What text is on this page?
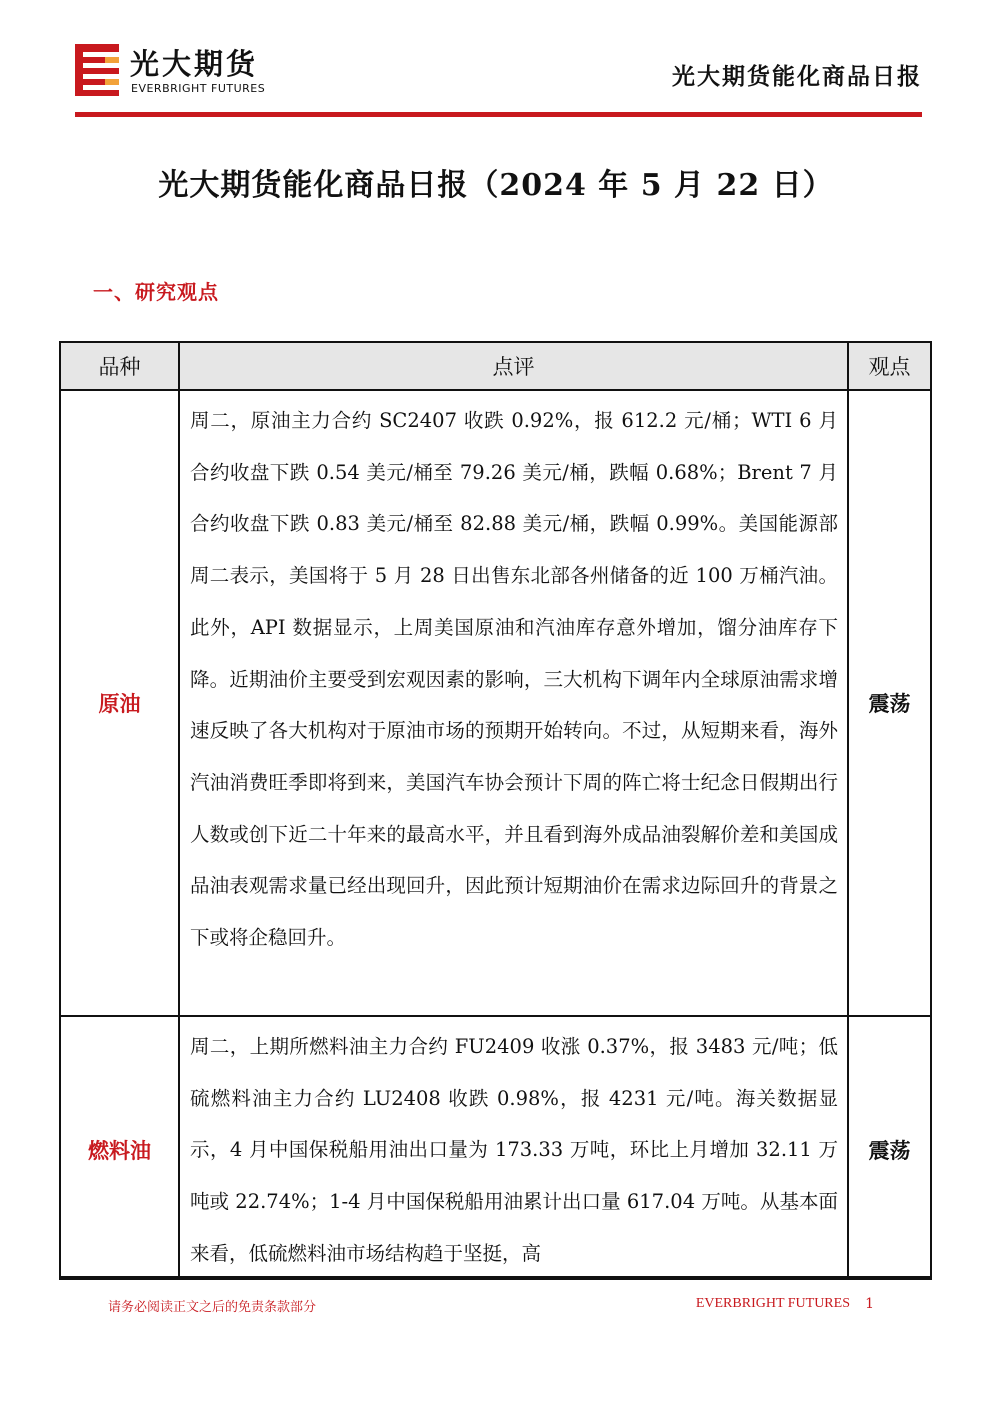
光大期货
EVERBRIGHT FUTURES	光大期货能化商品日报
光大期货能化商品日报（2024 年 5 月 22 日）
一、研究观点
品种	点评	观点
原油	周二，原油主力合约 SC2407 收跌 0.92%，报 612.2 元/桶；WTI 6 月合约收盘下跌 0.54 美元/桶至 79.26 美元/桶，跌幅 0.68%；Brent 7 月合约收盘下跌 0.83 美元/桶至 82.88 美元/桶，跌幅 0.99%。美国能源部周二表示，美国将于 5 月 28 日出售东北部各州储备的近 100 万桶汽油。此外，API 数据显示，上周美国原油和汽油库存意外增加，馏分油库存下降。近期油价主要受到宏观因素的影响，三大机构下调年内全球原油需求增速反映了各大机构对于原油市场的预期开始转向。不过，从短期来看，海外汽油消费旺季即将到来，美国汽车协会预计下周的阵亡将士纪念日假期出行人数或创下近二十年来的最高水平，并且看到海外成品油裂解价差和美国成品油表观需求量已经出现回升，因此预计短期油价在需求边际回升的背景之下或将企稳回升。	震荡
燃料油	周二，上期所燃料油主力合约 FU2409 收涨 0.37%，报 3483 元/吨；低硫燃料油主力合约 LU2408 收跌 0.98%，报 4231 元/吨。海关数据显示，4 月中国保税船用油出口量为 173.33 万吨，环比上月增加 32.11 万吨或 22.74%；1-4 月中国保税船用油累计出口量 617.04 万吨。从基本面来看，低硫燃料油市场结构趋于坚挺，高	震荡
请务必阅读正文之后的免责条款部分	EVERBRIGHT FUTURES 1
